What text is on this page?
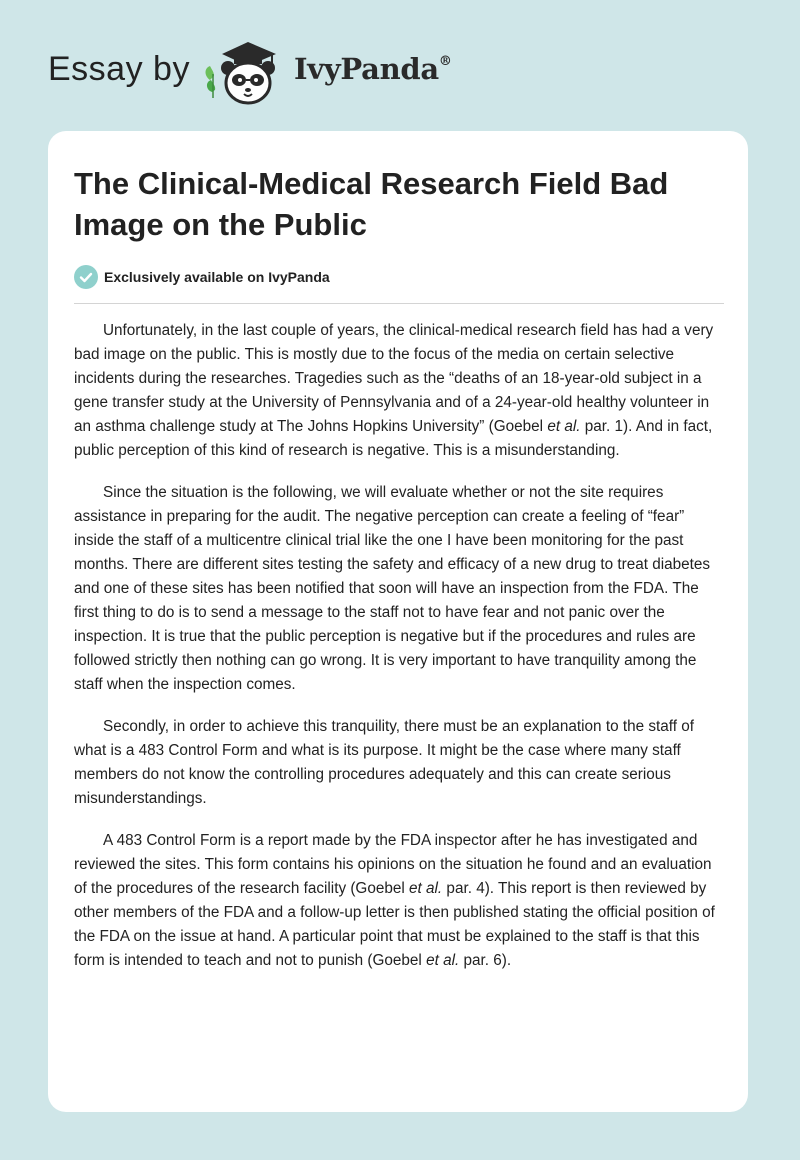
Essay by	IvyPanda®
The Clinical-Medical Research Field Bad Image on the Public
Exclusively available on IvyPanda

Unfortunately, in the last couple of years, the clinical-medical research field has had a very bad image on the public. This is mostly due to the focus of the media on certain selective incidents during the researches. Tragedies such as the “deaths of an 18-year-old subject in a gene transfer study at the University of Pennsylvania and of a 24-year-old healthy volunteer in an asthma challenge study at The Johns Hopkins University” (Goebel et al. par. 1). And in fact, public perception of this kind of research is negative. This is a misunderstanding.

Since the situation is the following, we will evaluate whether or not the site requires assistance in preparing for the audit. The negative perception can create a feeling of “fear” inside the staff of a multicentre clinical trial like the one I have been monitoring for the past months. There are different sites testing the safety and efficacy of a new drug to treat diabetes and one of these sites has been notified that soon will have an inspection from the FDA. The first thing to do is to send a message to the staff not to have fear and not panic over the inspection. It is true that the public perception is negative but if the procedures and rules are followed strictly then nothing can go wrong. It is very important to have tranquility among the staff when the inspection comes.

Secondly, in order to achieve this tranquility, there must be an explanation to the staff of what is a 483 Control Form and what is its purpose. It might be the case where many staff members do not know the controlling procedures adequately and this can create serious misunderstandings.

A 483 Control Form is a report made by the FDA inspector after he has investigated and reviewed the sites. This form contains his opinions on the situation he found and an evaluation of the procedures of the research facility (Goebel et al. par. 4). This report is then reviewed by other members of the FDA and a follow-up letter is then published stating the official position of the FDA on the issue at hand. A particular point that must be explained to the staff is that this form is intended to teach and not to punish (Goebel et al. par. 6).
